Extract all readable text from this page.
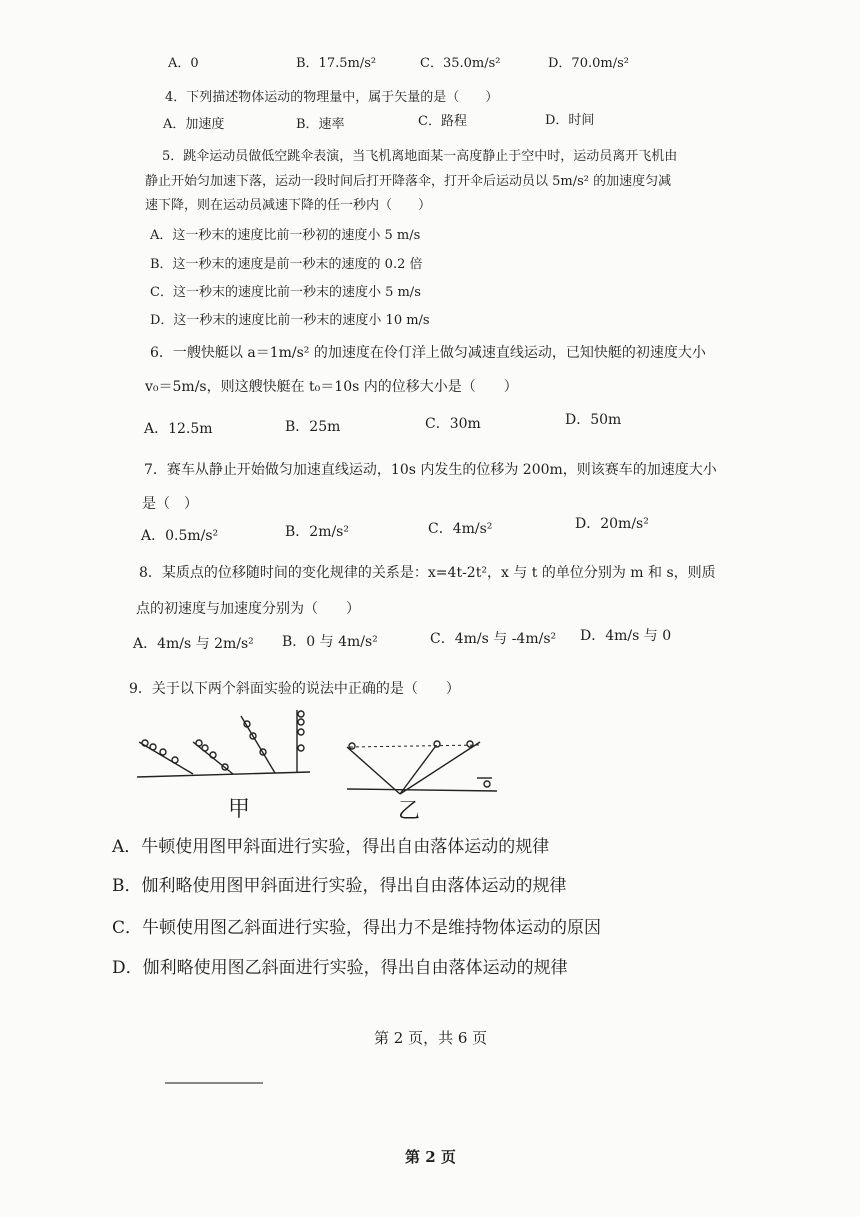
A．0	B．17.5m/s²	C．35.0m/s²	D．70.0m/s²
4．下列描述物体运动的物理量中，属于矢量的是（　　）
A．加速度	B．速率	C．路程	D．时间
5．跳伞运动员做低空跳伞表演，当飞机离地面某一高度静止于空中时，运动员离开飞机由
静止开始匀加速下落，运动一段时间后打开降落伞，打开伞后运动员以 5m/s² 的加速度匀减
速下降，则在运动员减速下降的任一秒内（　　）
A．这一秒末的速度比前一秒初的速度小 5 m/s
B．这一秒末的速度是前一秒末的速度的 0.2 倍
C．这一秒末的速度比前一秒末的速度小 5 m/s
D．这一秒末的速度比前一秒末的速度小 10 m/s
6．一艘快艇以 a＝1m/s² 的加速度在伶仃洋上做匀减速直线运动，已知快艇的初速度大小
v₀＝5m/s，则这艘快艇在 t₀＝10s 内的位移大小是（　　）
A．12.5m	B．25m	C．30m	D．50m
7．赛车从静止开始做匀加速直线运动，10s 内发生的位移为 200m，则该赛车的加速度大小
是（　）
A．0.5m/s²	B．2m/s²	C．4m/s²	D．20m/s²
8．某质点的位移随时间的变化规律的关系是：x=4t-2t²，x 与 t 的单位分别为 m 和 s，则质
点的初速度与加速度分别为（　　）
A．4m/s 与 2m/s² B．0 与 4m/s²	C．4m/s 与 -4m/s² D．4m/s 与 0
9．关于以下两个斜面实验的说法中正确的是（　　）
甲	乙
A．牛顿使用图甲斜面进行实验，得出自由落体运动的规律
B．伽利略使用图甲斜面进行实验，得出自由落体运动的规律
C．牛顿使用图乙斜面进行实验，得出力不是维持物体运动的原因
D．伽利略使用图乙斜面进行实验，得出自由落体运动的规律
第 2 页，共 6 页
第 2 页
